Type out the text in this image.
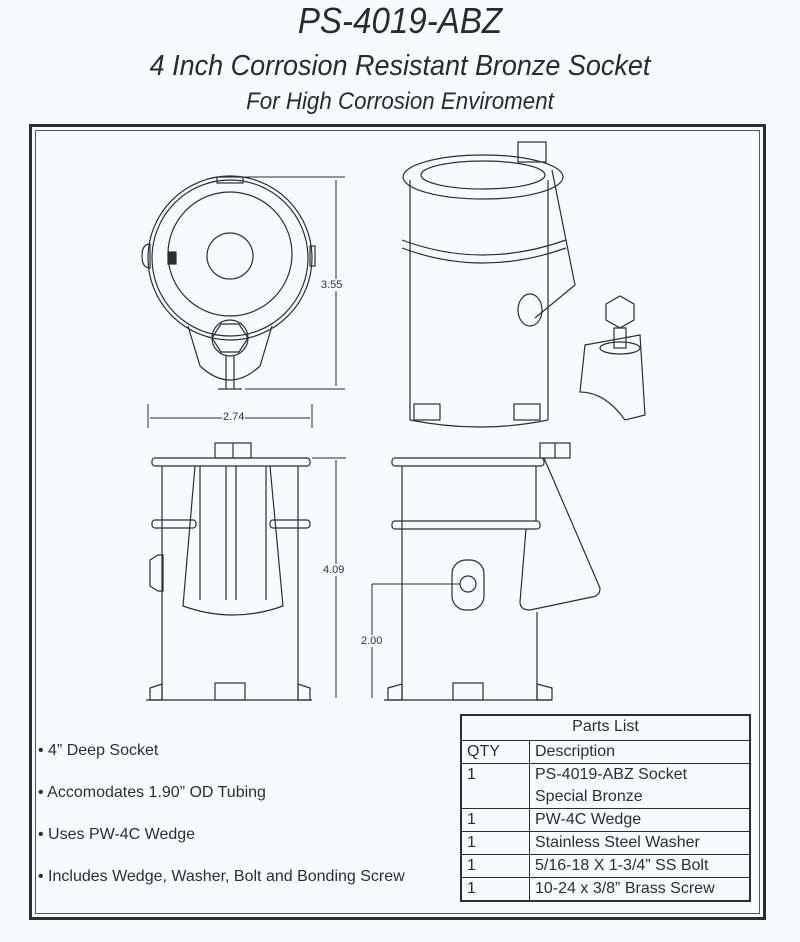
PS-4019-ABZ
4 Inch Corrosion Resistant Bronze Socket
For High Corrosion Enviroment
3.55
2.74
4.09
2.00
• 4” Deep Socket
• Accomodates 1.90” OD Tubing
• Uses PW-4C Wedge
• Includes Wedge, Washer, Bolt and Bonding Screw
Parts List	
QTY	Description
1	PS-4019-ABZ Socket
Special Bronze

1	PW-4C Wedge
1	Stainless Steel Washer
1	5/16-18 X 1-3/4” SS Bolt
1	10-24 x 3/8” Brass Screw
